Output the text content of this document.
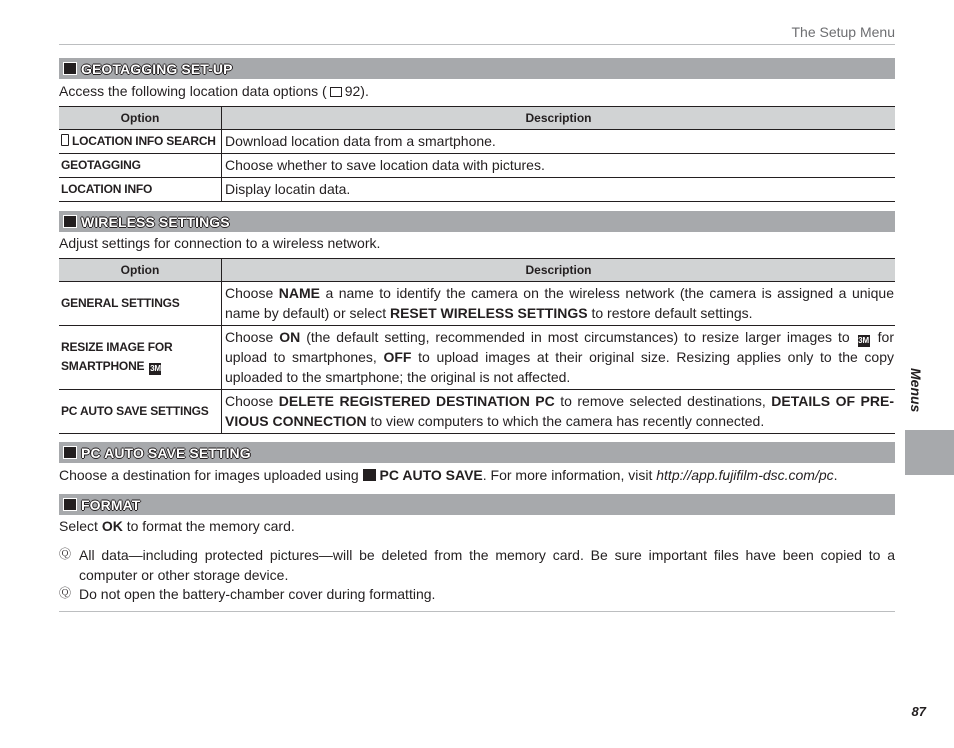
The Setup Menu
GEOTAGGING SET-UP
Access the following location data options ( 92).
Option	Description
LOCATION INFO SEARCH	Download location data from a smartphone.
GEOTAGGING	Choose whether to save location data with pictures.
LOCATION INFO	Display locatin data.
WIRELESS SETTINGS
Adjust settings for connection to a wireless network.
Option	Description
GENERAL SETTINGS	Choose NAME a name to identify the camera on the wireless network (the camera is assigned a unique name by default) or select RESET WIRELESS SETTINGS to restore default settings.
RESIZE IMAGE FOR
SMARTPHONE 3M	Choose ON (the default setting, recommended in most circumstances) to resize larger images to 3M for upload to smartphones, OFF to upload images at their original size. Resizing applies only to the copy uploaded to the smartphone; the original is not affected.
PC AUTO SAVE SETTINGS	Choose DELETE REGISTERED DESTINATION PC to remove selected destinations, DETAILS OF PRE-VIOUS CONNECTION to view computers to which the camera has recently connected.
PC AUTO SAVE SETTING
Choose a destination for images uploaded using PC AUTO SAVE. For more information, visit http://app.fujifilm-dsc.com/pc.
FORMAT
Select OK to format the memory card.
Ⓠ All data—including protected pictures—will be deleted from the memory card. Be sure important files have been copied to a computer or other storage device.
Ⓠ Do not open the battery-chamber cover during formatting.
Menus
87
